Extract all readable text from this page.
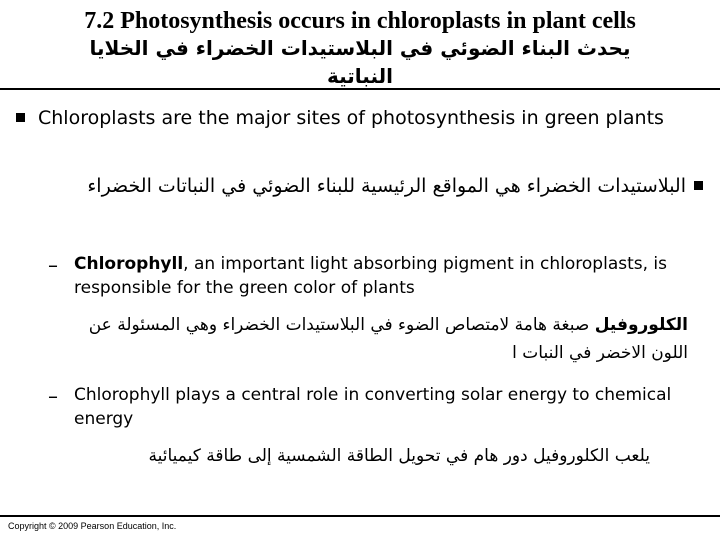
7.2 Photosynthesis occurs in chloroplasts in plant cells
يحدث البناء الضوئي في البلاستيدات الخضراء في الخلايا النباتية
Chloroplasts are the major sites of photosynthesis in green plants
البلاستيدات الخضراء هي المواقع الرئيسية للبناء الضوئي في النباتات الخضراء
– Chlorophyll, an important light absorbing pigment in chloroplasts, is responsible for the green color of plants
الكلوروفيل صبغة هامة لامتصاص الضوء في البلاستيدات الخضراء وهي المسئولة عن اللون الاخضر في النبات ا
– Chlorophyll plays a central role in converting solar energy to chemical energy
يلعب الكلوروفيل دور هام في تحويل الطاقة الشمسية إلى طاقة كيميائية
Copyright © 2009 Pearson Education, Inc.
